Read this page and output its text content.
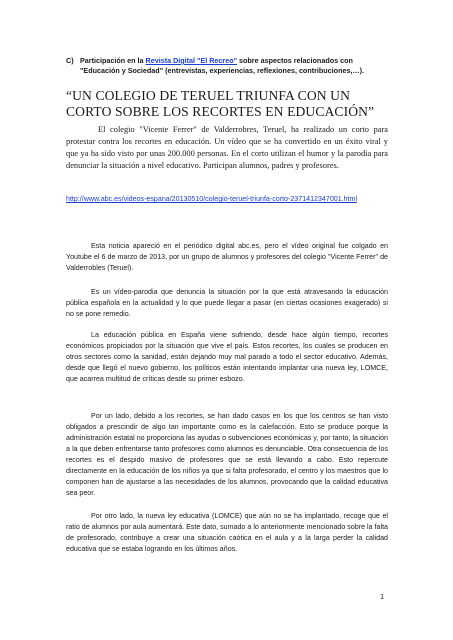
C) Participación en la Revista Digital "El Recreo" sobre aspectos relacionados con "Educación y Sociedad" (entrevistas, experiencias, reflexiones, contribuciones,…).
“UN COLEGIO DE TERUEL TRIUNFA CON UN CORTO SOBRE LOS RECORTES EN EDUCACIÓN”

El colegio "Vicente Ferrer" de Valderrobres, Teruel, ha realizado un corto para protestar contra los recortes en educación. Un vídeo que se ha convertido en un éxito viral y que ya ha sido visto por unas 200.000 personas. En el corto utilizan el humor y la parodia para denunciar la situación a nivel educativo. Participan alumnos, padres y profesores.

http://www.abc.es/videos-espana/20130510/colegio-teruel-triunfa-corto-2371412347001.html

Esta noticia apareció en el periódico digital abc.es, pero el vídeo original fue colgado en Youtube el 6 de marzo de 2013, por un grupo de alumnos y profesores del colegio "Vicente Ferrer" de Valderrobles (Teruel).

Es un vídeo-parodia que denuncia la situación por la que está atravesando la educación pública española en la actualidad y lo que puede llegar a pasar (en ciertas ocasiones exagerado) si no se pone remedio.

La educación pública en España viene sufriendo, desde hace algún tiempo, recortes económicos propiciados por la situación que vive el país. Estos recortes, los cuales se producen en otros sectores como la sanidad, están dejando muy mal parado a todo el sector educativo. Además, desde que llegó el nuevo gobierno, los políticos están intentando implantar una nueva ley, LOMCE, que acarrea multitud de críticas desde su primer esbozo.

Por un lado, debido a los recortes, se han dado casos en los que los centros se han visto obligados a prescindir de algo tan importante como es la calefacción. Esto se produce porque la administración estatal no proporciona las ayudas o subvenciones económicas y, por tanto, la situación a la que deben enfrentarse tanto profesores como alumnos es denunciable. Otra consecuencia de los recortes es el despido masivo de profesores que se está llevando a cabo. Esto repercute directamente en la educación de los niños ya que si falta profesorado, el centro y los maestros que lo componen han de ajustarse a las necesidades de los alumnos, provocando que la calidad educativa sea peor.

Por otro lado, la nueva ley educativa (LOMCE) que aún no se ha implantado, recoge que el ratio de alumnos por aula aumentará. Este dato, sumado a lo anteriormente mencionado sobre la falta de profesorado, contribuye a crear una situación caótica en el aula y a la larga perder la calidad educativa que se estaba logrando en los últimos años.

1
